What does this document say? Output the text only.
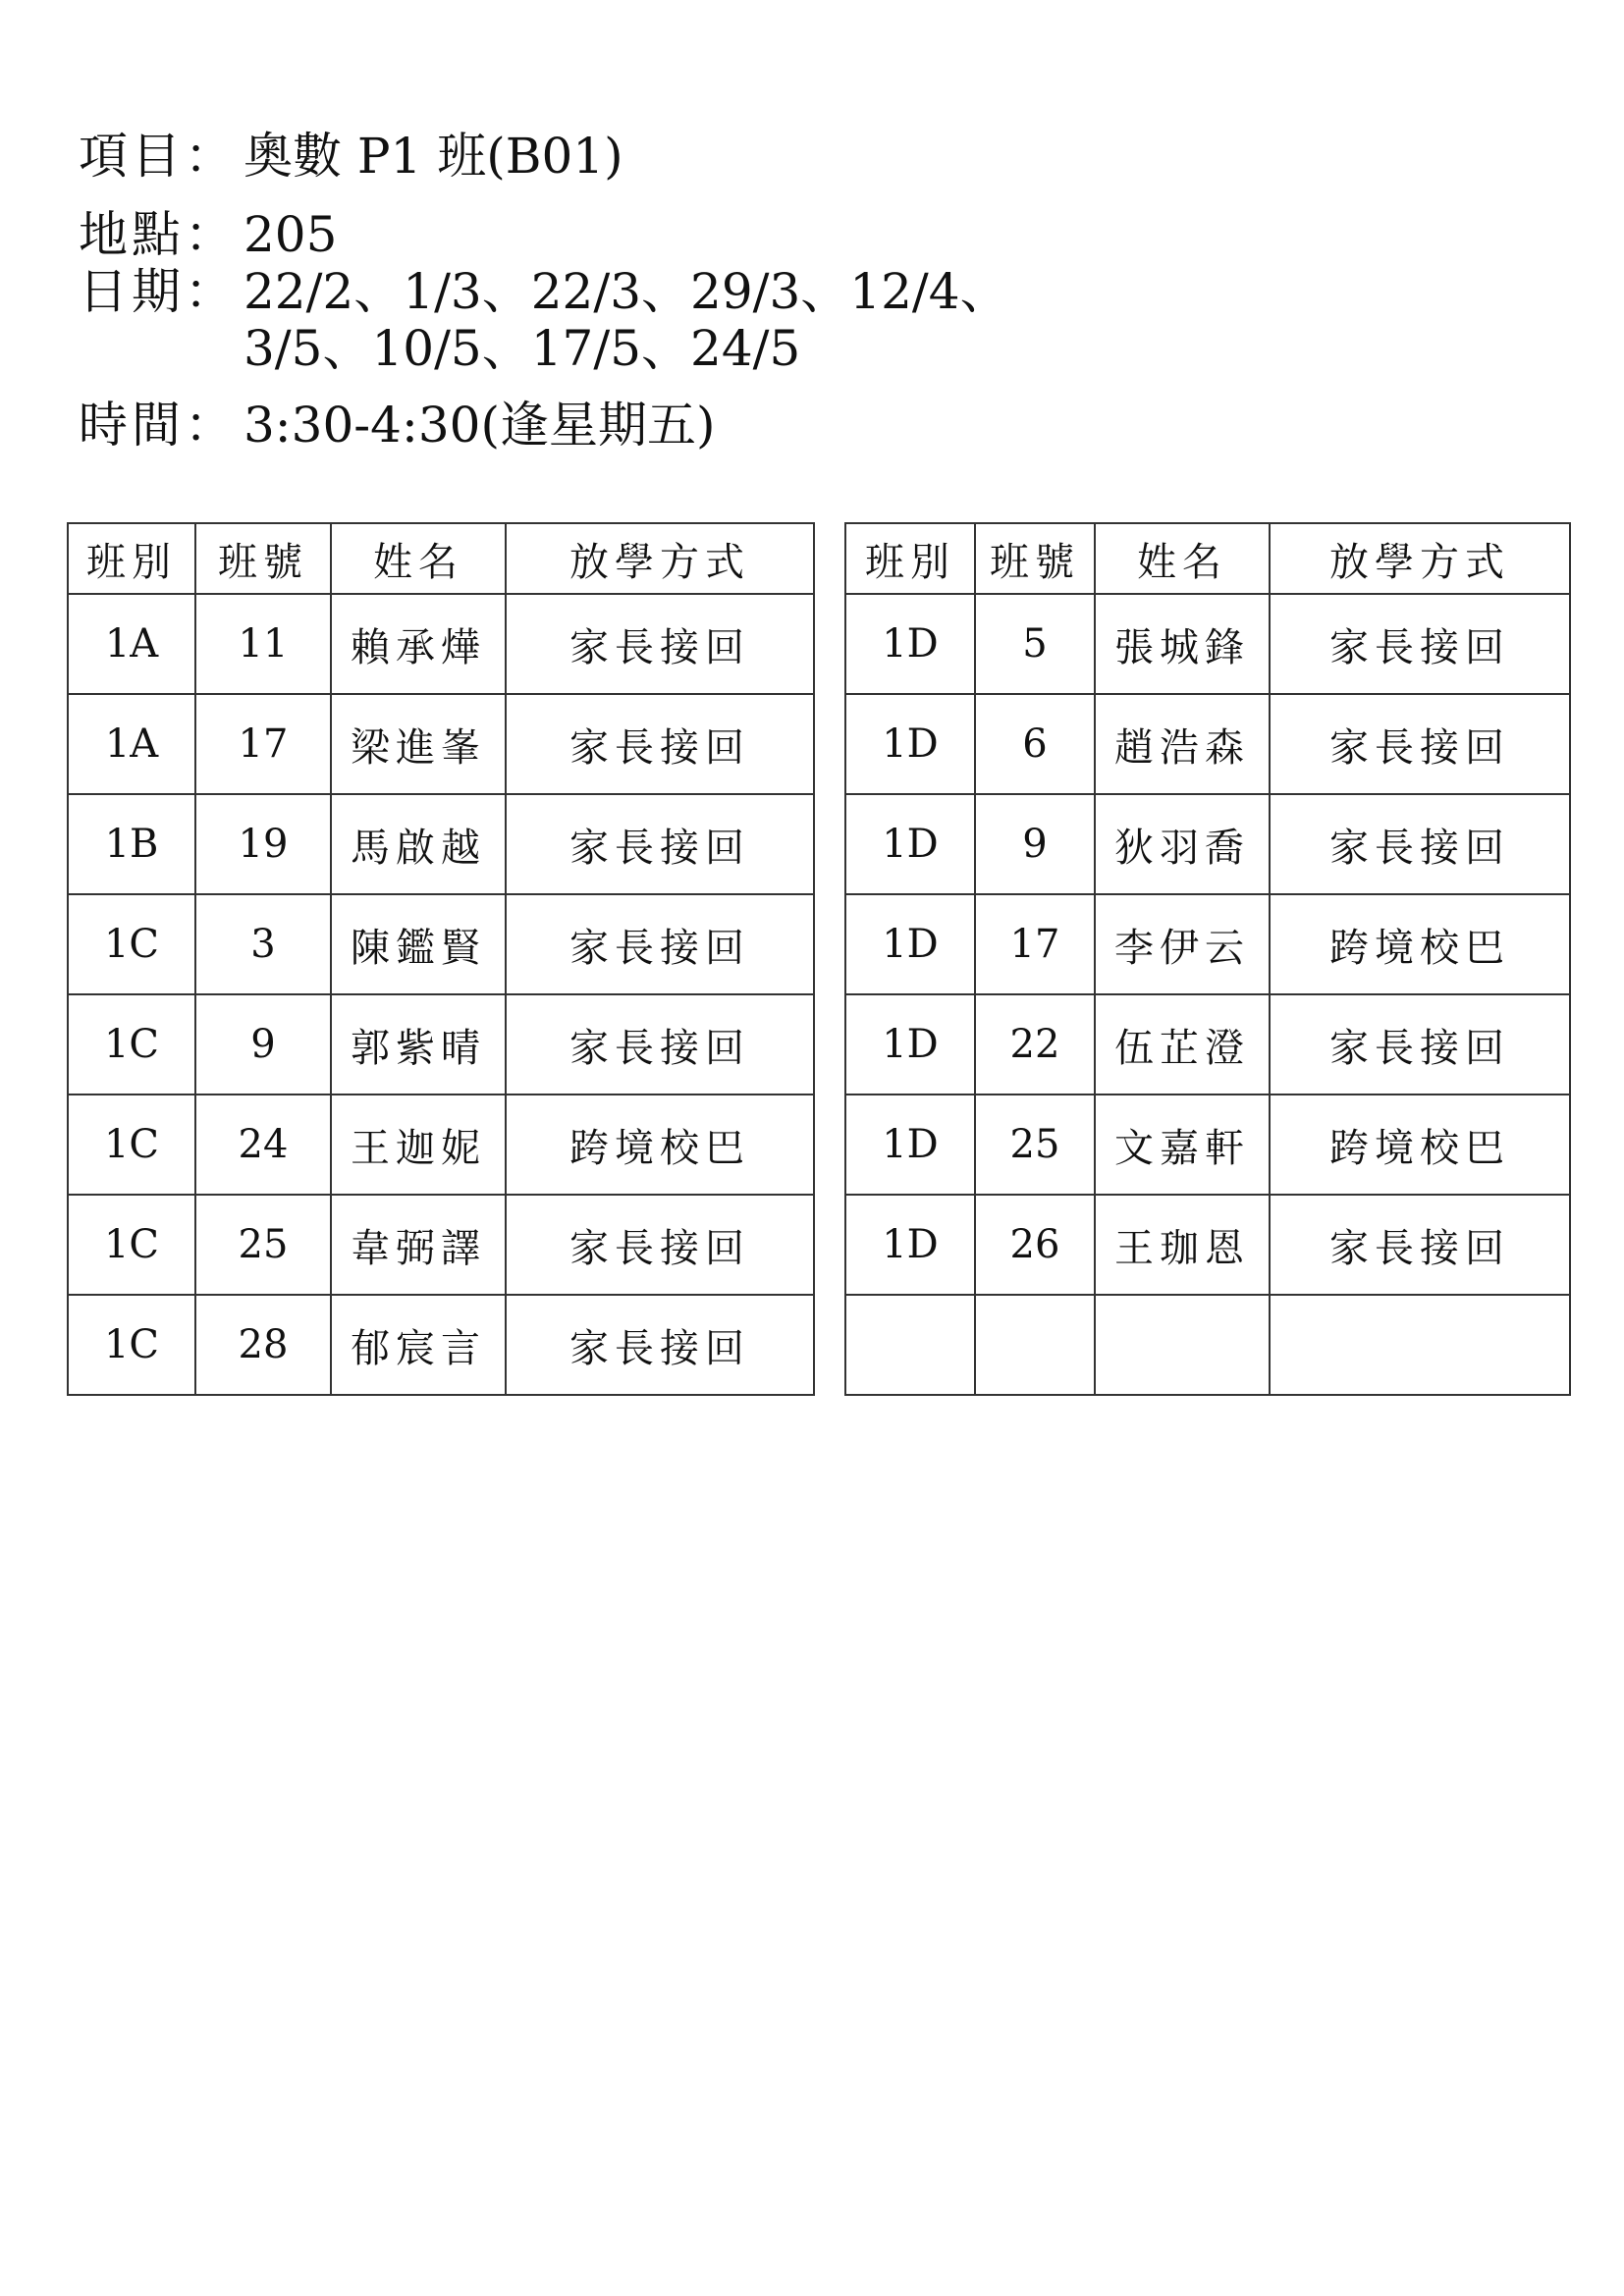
項目： 奧數 P1 班(B01)
地點： 205
日期： 22/2、1/3、22/3、29/3、12/4、
3/5、10/5、17/5、24/5
時間： 3:30-4:30(逢星期五)
班別	班號	姓名	放學方式
1A	11	賴承燁	家長接回
1A	17	梁進峯	家長接回
1B	19	馬啟越	家長接回
1C	3	陳鑑賢	家長接回
1C	9	郭紫晴	家長接回
1C	24	王迦妮	跨境校巴
1C	25	韋弼譯	家長接回
1C	28	郁宸言	家長接回
班別	班號	姓名	放學方式
1D	5	張城鋒	家長接回
1D	6	趙浩森	家長接回
1D	9	狄羽喬	家長接回
1D	17	李伊云	跨境校巴
1D	22	伍芷澄	家長接回
1D	25	文嘉軒	跨境校巴
1D	26	王珈恩	家長接回
